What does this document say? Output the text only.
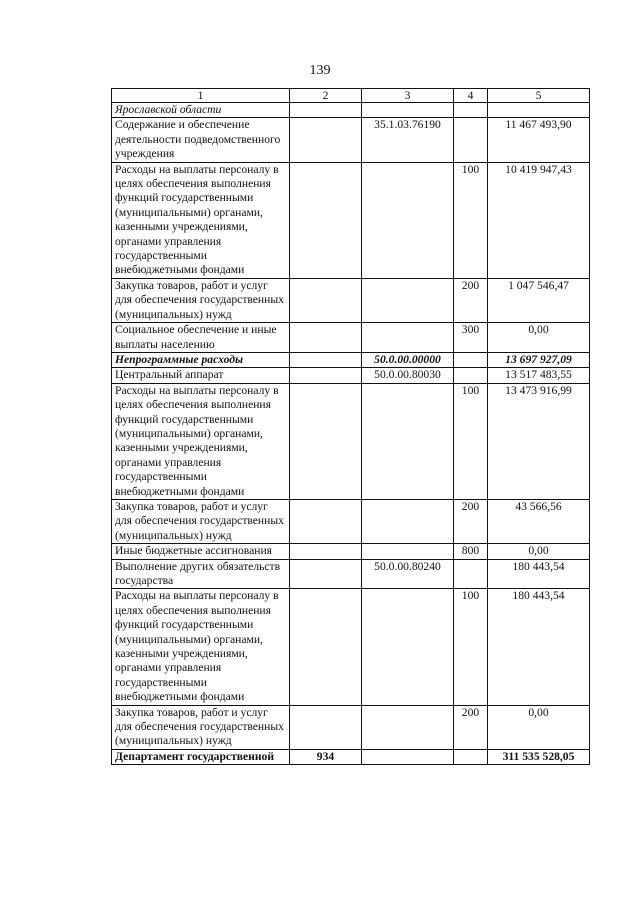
139
1	2	3	4	5
Ярославской области				
Содержание и обеспечение деятельности подведомственного учреждения		35.1.03.76190		11 467 493,90
Расходы на выплаты персоналу в целях обеспечения выполнения функций государственными (муниципальными) органами, казенными учреждениями, органами управления государственными внебюджетными фондами			100	10 419 947,43
Закупка товаров, работ и услуг для обеспечения государственных (муниципальных) нужд			200	1 047 546,47
Социальное обеспечение и иные выплаты населению			300	0,00
Непрограммные расходы		50.0.00.00000		13 697 927,09
Центральный аппарат		50.0.00.80030		13 517 483,55
Расходы на выплаты персоналу в целях обеспечения выполнения функций государственными (муниципальными) органами, казенными учреждениями, органами управления государственными внебюджетными фондами			100	13 473 916,99
Закупка товаров, работ и услуг для обеспечения государственных (муниципальных) нужд			200	43 566,56
Иные бюджетные ассигнования			800	0,00
Выполнение других обязательств государства		50.0.00.80240		180 443,54
Расходы на выплаты персоналу в целях обеспечения выполнения функций государственными (муниципальными) органами, казенными учреждениями, органами управления государственными внебюджетными фондами			100	180 443,54
Закупка товаров, работ и услуг для обеспечения государственных (муниципальных) нужд			200	0,00
Департамент государственной	934			311 535 528,05
